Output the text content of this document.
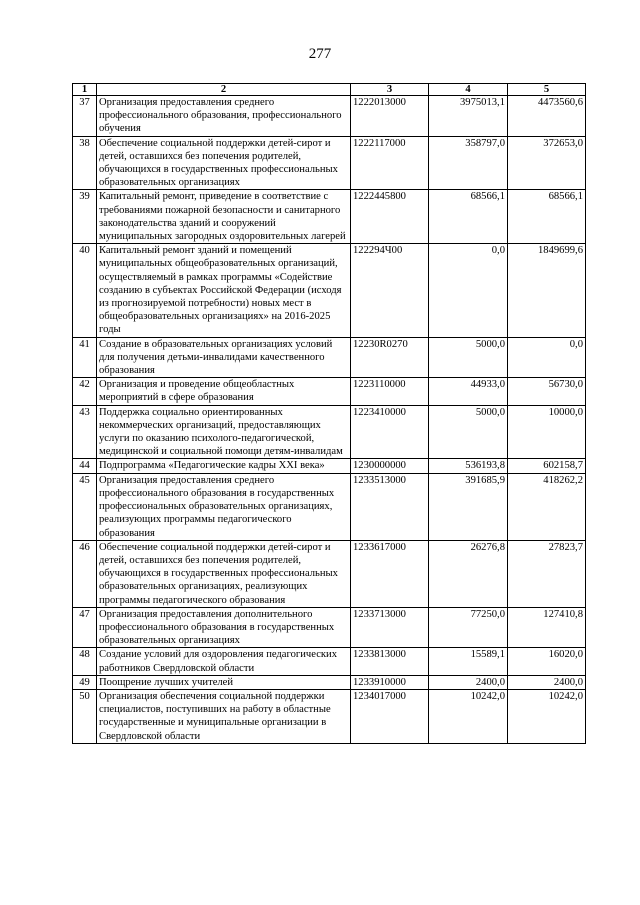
277
1	2	3	4	5
37	Организация предоставления среднего профессионального образования, профессионального обучения	1222013000	3975013,1	4473560,6
38	Обеспечение социальной поддержки детей-сирот и детей, оставшихся без попечения родителей, обучающихся в государственных профессиональных образовательных организациях	1222117000	358797,0	372653,0
39	Капитальный ремонт, приведение в соответствие с требованиями пожарной безопасности и санитарного законодательства зданий и сооружений муниципальных загородных оздоровительных лагерей	1222445800	68566,1	68566,1
40	Капитальный ремонт зданий и помещений муниципальных общеобразовательных организаций, осуществляемый в рамках программы «Содействие созданию в субъектах Российской Федерации (исходя из прогнозируемой потребности) новых мест в общеобразовательных организациях» на 2016-2025 годы	122294Ч00	0,0	1849699,6
41	Создание в образовательных организациях условий для получения детьми-инвалидами качественного образования	12230R0270	5000,0	0,0
42	Организация и проведение общеобластных мероприятий в сфере образования	1223110000	44933,0	56730,0
43	Поддержка социально ориентированных некоммерческих организаций, предоставляющих услуги по оказанию психолого-педагогической, медицинской и социальной помощи детям-инвалидам	1223410000	5000,0	10000,0
44	Подпрограмма «Педагогические кадры XXI века»	1230000000	536193,8	602158,7
45	Организация предоставления среднего профессионального образования в государственных профессиональных образовательных организациях, реализующих программы педагогического образования	1233513000	391685,9	418262,2
46	Обеспечение социальной поддержки детей-сирот и детей, оставшихся без попечения родителей, обучающихся в государственных профессиональных образовательных организациях, реализующих программы педагогического образования	1233617000	26276,8	27823,7
47	Организация предоставления дополнительного профессионального образования в государственных образовательных организациях	1233713000	77250,0	127410,8
48	Создание условий для оздоровления педагогических работников Свердловской области	1233813000	15589,1	16020,0
49	Поощрение лучших учителей	1233910000	2400,0	2400,0
50	Организация обеспечения социальной поддержки специалистов, поступивших на работу в областные государственные и муниципальные организации в Свердловской области	1234017000	10242,0	10242,0
